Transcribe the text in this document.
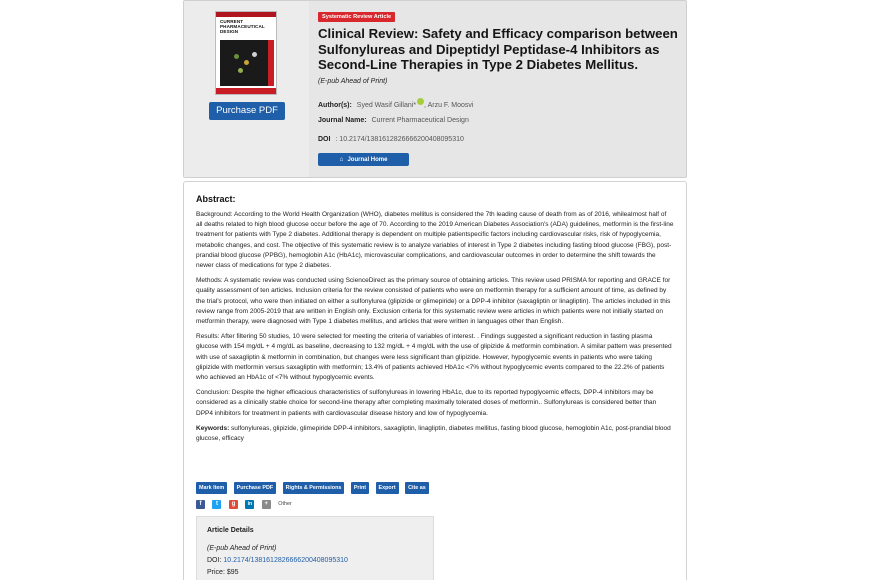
CURRENT PHARMACEUTICAL DESIGN
Purchase PDF
Systematic Review Article
Clinical Review: Safety and Efficacy comparison between Sulfonylureas and Dipeptidyl Peptidase-4 Inhibitors as Second-Line Therapies in Type 2 Diabetes Mellitus.
(E-pub Ahead of Print)
Author(s): Syed Wasif Gillani* , Arzu F. Moosvi
Journal Name: Current Pharmaceutical Design
DOI : 10.2174/1381612826666200408095310
⌂ Journal Home
Abstract:

Background: According to the World Health Organization (WHO), diabetes mellitus is considered the 7th leading cause of death from as of 2016, whileaImost half of all deaths related to high blood glucose occur before the age of 70. According to the 2019 American Diabetes Association's (ADA) guidelines, metformin is the first-line treatment for patients with Type 2 diabetes. Additional therapy is dependent on multiple patientspecific factors including cardiovascular risks, risk of hypoglycemia, metabolic changes, and cost. The objective of this systematic review is to analyze variables of interest in Type 2 diabetes including fasting blood glucose (FBG), post-prandial blood glucose (PPBG), hemoglobin A1c (HbA1c), microvascular complications, and cardiovascular outcomes in order to determine the shift towards the newer class of medications for type 2 diabetes.

Methods: A systematic review was conducted using ScienceDirect as the primary source of obtaining articles. This review used PRISMA for reporting and GRACE for quality assessment of ten articles. Inclusion criteria for the review consisted of patients who were on metformin therapy for a sufficient amount of time, as defined by the trial's protocol, who were then initiated on either a sulfonylurea (glipizide or glimepiride) or a DPP-4 inhibitor (saxagliptin or linagliptin). The articles included in this review range from 2005-2019 that are written in English only. Exclusion criteria for this systematic review were articles in which patients were not initially started on metformin therapy, were diagnosed with Type 1 diabetes mellitus, and articles that were written in languages other than English.

Results: After filtering 50 studies, 10 were selected for meeting the criteria of variables of interest. . Findings suggested a significant reduction in fasting plasma glucose with 154 mg/dL + 4 mg/dL as baseline, decreasing to 132 mg/dL + 4 mg/dL with the use of glipizide & metformin combination. A similar pattern was presented with use of saxagliptin & metformin in combination, but changes were less significant than glipizide. However, hypoglycemic events in patients who were taking glipizide with metformin versus saxagliptin with metformin; 13.4% of patients achieved HbA1c <7% without hypoglycemic events compared to the 22.2% of patients who achieved an HbA1c of <7% without hypoglycemic events.

Conclusion: Despite the higher efficacious characteristics of sulfonylureas in lowering HbA1c, due to its reported hypoglycemic effects, DPP-4 inhibitors may be considered as a clinically stable choice for second-line therapy after completing maximally tolerated doses of metformin.. Sulfonylureas is considered better than DPP4 inhibitors for treatment in patients with cardiovascular disease history and low of hypoglycemia.

Keywords: sulfonylureas, glipizide, glimepiride DPP-4 inhibitors, saxagliptin, linagliptin, diabetes mellitus, fasting blood glucose, hemoglobin A1c, post-prandial blood glucose, efficacy

Mark Item Purchase PDF Rights & Permissions Print Export Cite as
f t g in + Other
Article Details
(E-pub Ahead of Print)
DOI: 10.2174/1381612826666200408095310
Price: $95
